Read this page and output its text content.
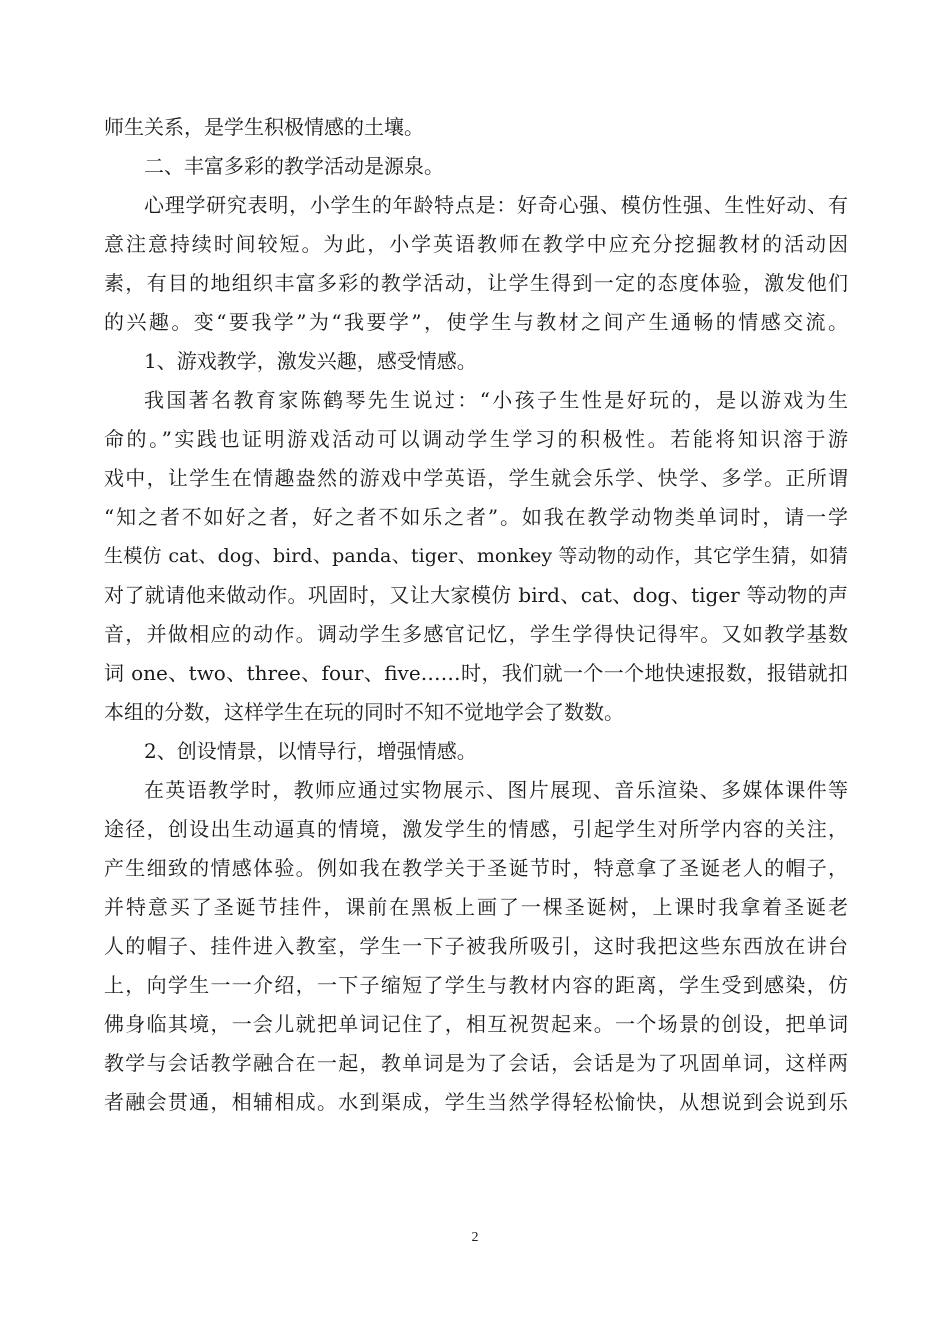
师生关系，是学生积极情感的土壤。
二、丰富多彩的教学活动是源泉。
心理学研究表明，小学生的年龄特点是：好奇心强、模仿性强、生性好动、有
意注意持续时间较短。为此，小学英语教师在教学中应充分挖掘教材的活动因
素，有目的地组织丰富多彩的教学活动，让学生得到一定的态度体验，激发他们
的兴趣。变“要我学”为“我要学”，使学生与教材之间产生通畅的情感交流。
1、游戏教学，激发兴趣，感受情感。
我国著名教育家陈鹤琴先生说过：“小孩子生性是好玩的，是以游戏为生
命的。”实践也证明游戏活动可以调动学生学习的积极性。若能将知识溶于游
戏中，让学生在情趣盎然的游戏中学英语，学生就会乐学、快学、多学。正所谓
“知之者不如好之者，好之者不如乐之者”。如我在教学动物类单词时，请一学
生模仿 cat、dog、bird、panda、tiger、monkey 等动物的动作，其它学生猜，如猜
对了就请他来做动作。巩固时，又让大家模仿 bird、cat、dog、tiger 等动物的声
音，并做相应的动作。调动学生多感官记忆，学生学得快记得牢。又如教学基数
词 one、two、three、four、five……时，我们就一个一个地快速报数，报错就扣
本组的分数，这样学生在玩的同时不知不觉地学会了数数。
2、创设情景，以情导行，增强情感。
在英语教学时，教师应通过实物展示、图片展现、音乐渲染、多媒体课件等
途径，创设出生动逼真的情境，激发学生的情感，引起学生对所学内容的关注，
产生细致的情感体验。例如我在教学关于圣诞节时，特意拿了圣诞老人的帽子，
并特意买了圣诞节挂件，课前在黑板上画了一棵圣诞树，上课时我拿着圣诞老
人的帽子、挂件进入教室，学生一下子被我所吸引，这时我把这些东西放在讲台
上，向学生一一介绍，一下子缩短了学生与教材内容的距离，学生受到感染，仿
佛身临其境，一会儿就把单词记住了，相互祝贺起来。一个场景的创设，把单词
教学与会话教学融合在一起，教单词是为了会话，会话是为了巩固单词，这样两
者融会贯通，相辅相成。水到渠成，学生当然学得轻松愉快，从想说到会说到乐
2
